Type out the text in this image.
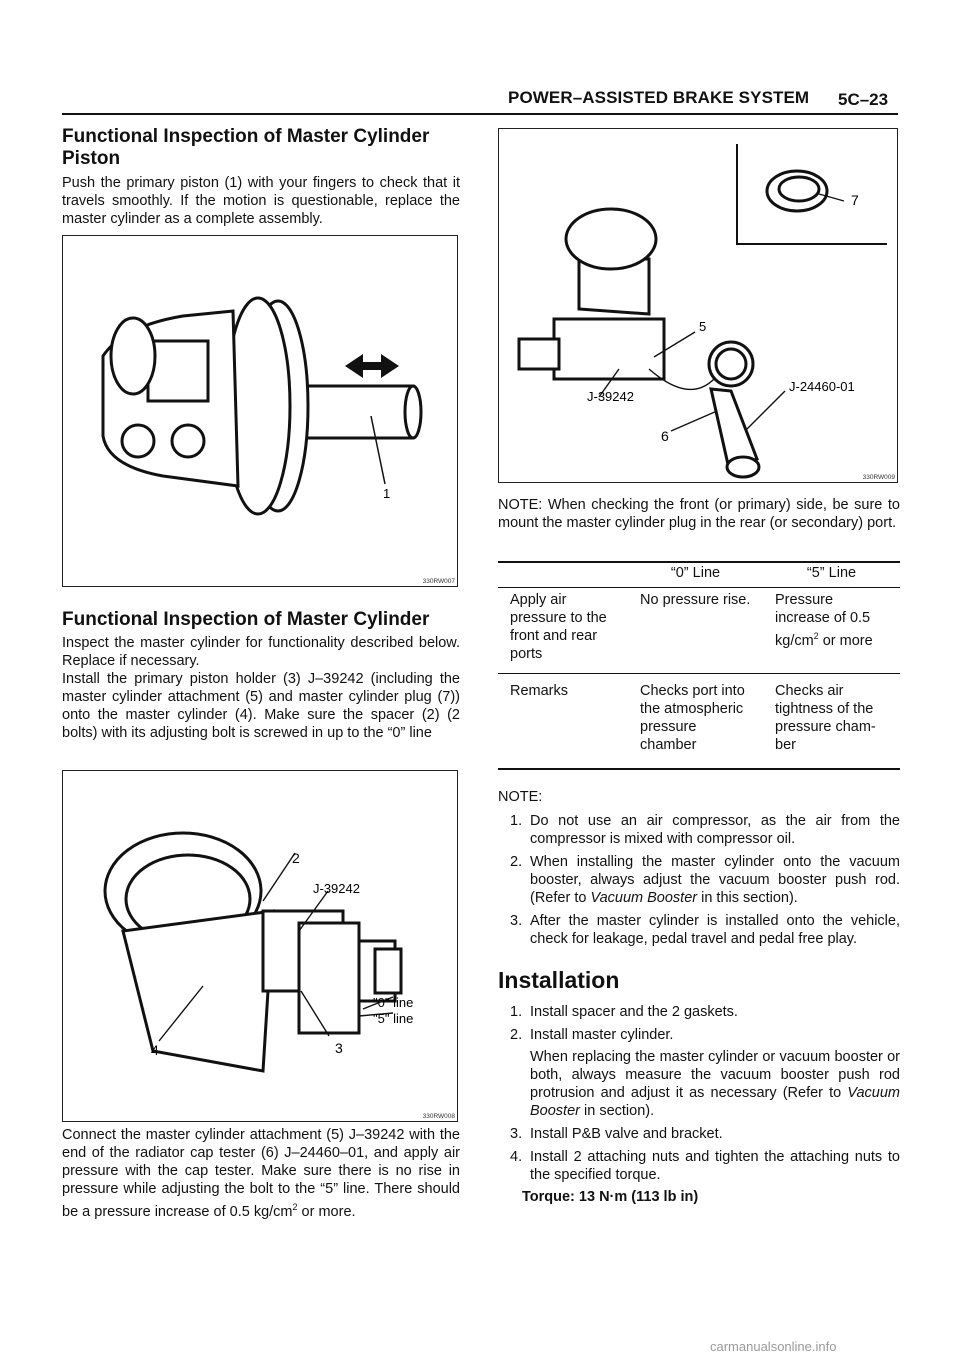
POWER–ASSISTED BRAKE SYSTEM 5C–23
Functional Inspection of Master Cylinder Piston

Push the primary piston (1) with your fingers to check that it travels smoothly. If the motion is questionable, replace the master cylinder as a complete assembly.

1
330RW007
Functional Inspection of Master Cylinder

Inspect the master cylinder for functionality described below. Replace if necessary.

Install the primary piston holder (3) J–39242 (including the master cylinder attachment (5) and master cylinder plug (7)) onto the master cylinder (4). Make sure the spacer (2) (2 bolts) with its adjusting bolt is screwed in up to the “0” line

2
J-39242
"0" line
"5" line
3
4
330RW008

Connect the master cylinder attachment (5) J–39242 with the end of the radiator cap tester (6) J–24460–01, and apply air pressure with the cap tester. Make sure there is no rise in pressure while adjusting the bolt to the “5” line. There should be a pressure increase of 0.5 $kg/cm^2$ or more.

7
5
J-24460-01
J-39242
6
330RW009

NOTE: When checking the front (or primary) side, be sure to mount the master cylinder plug in the rear (or secondary) port.

	“0” Line	“5” Line
Apply air pressure to the front and rear ports	No pressure rise.	Pressure increase of 0.5 $kg/cm^2$ or more
Remarks	Checks port into the atmospheric pressure chamber	Checks air tightness of the pressure cham-ber
NOTE:
1. Do not use an air compressor, as the air from the compressor is mixed with compressor oil.
2. When installing the master cylinder onto the vacuum booster, always adjust the vacuum booster push rod. (Refer to Vacuum Booster in this section).
3. After the master cylinder is installed onto the vehicle, check for leakage, pedal travel and pedal free play.
Installation
1. Install spacer and the 2 gaskets.
2. Install master cylinder.
When replacing the master cylinder or vacuum booster or both, always measure the vacuum booster push rod protrusion and adjust it as necessary (Refer to Vacuum Booster in section).
3. Install P&B valve and bracket.
4. Install 2 attaching nuts and tighten the attaching nuts to the specified torque.
Torque: 13 N·m (113 lb in)
carmanualsonline.info
